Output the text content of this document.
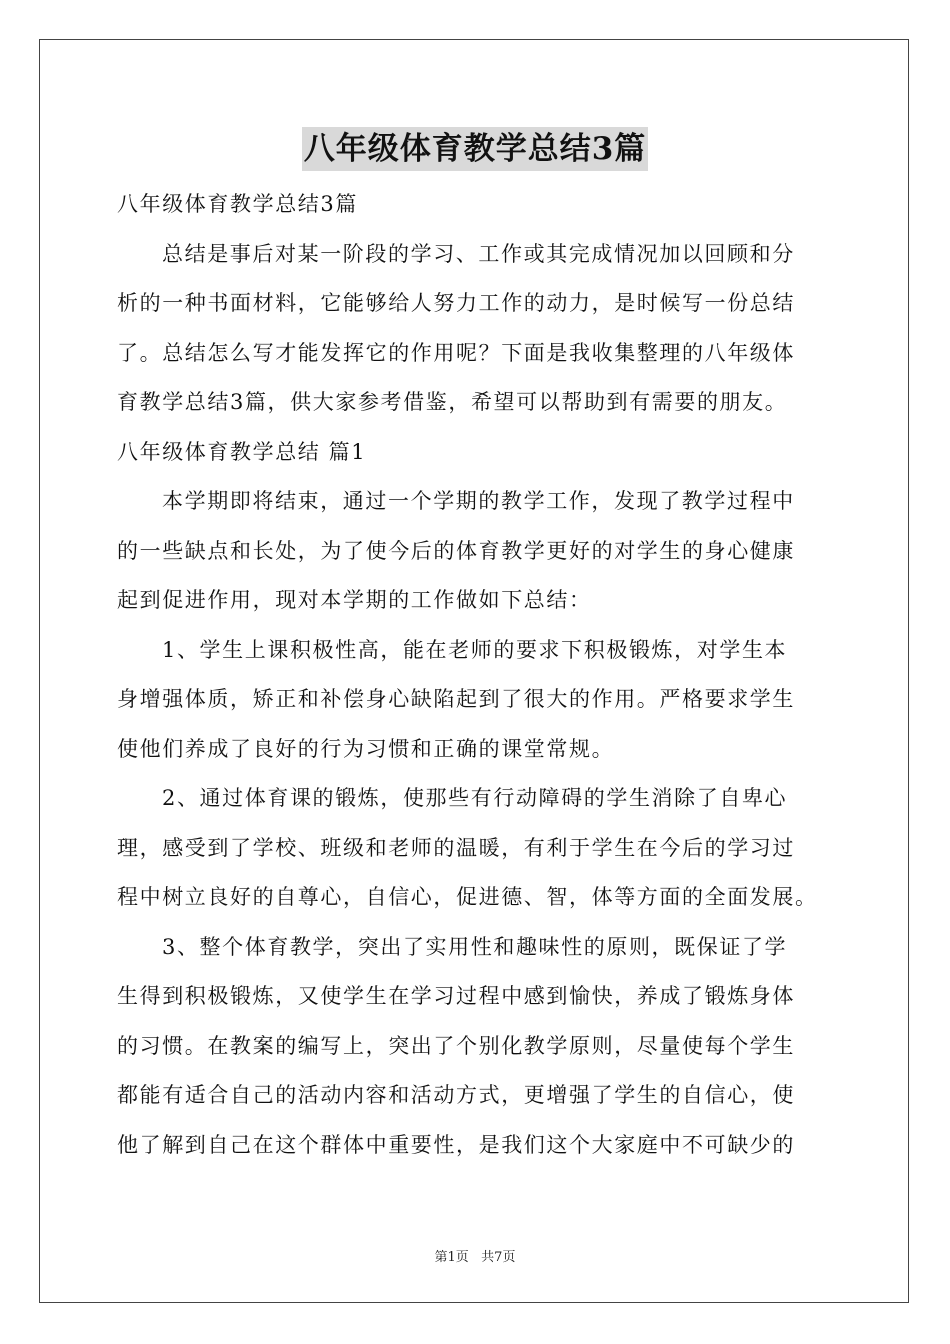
八年级体育教学总结3篇

八年级体育教学总结3篇

总结是事后对某一阶段的学习、工作或其完成情况加以回顾和分

析的一种书面材料，它能够给人努力工作的动力，是时候写一份总结

了。总结怎么写才能发挥它的作用呢？下面是我收集整理的八年级体

育教学总结3篇，供大家参考借鉴，希望可以帮助到有需要的朋友。

八年级体育教学总结 篇1

本学期即将结束，通过一个学期的教学工作，发现了教学过程中

的一些缺点和长处，为了使今后的体育教学更好的对学生的身心健康

起到促进作用，现对本学期的工作做如下总结：

1、学生上课积极性高，能在老师的要求下积极锻炼，对学生本

身增强体质，矫正和补偿身心缺陷起到了很大的作用。严格要求学生

使他们养成了良好的行为习惯和正确的课堂常规。

2、通过体育课的锻炼，使那些有行动障碍的学生消除了自卑心

理，感受到了学校、班级和老师的温暖，有利于学生在今后的学习过

程中树立良好的自尊心，自信心，促进德、智，体等方面的全面发展。

3、整个体育教学，突出了实用性和趣味性的原则，既保证了学

生得到积极锻炼，又使学生在学习过程中感到愉快，养成了锻炼身体

的习惯。在教案的编写上，突出了个别化教学原则，尽量使每个学生

都能有适合自己的活动内容和活动方式，更增强了学生的自信心，使

他了解到自己在这个群体中重要性，是我们这个大家庭中不可缺少的

第1页   共7页
